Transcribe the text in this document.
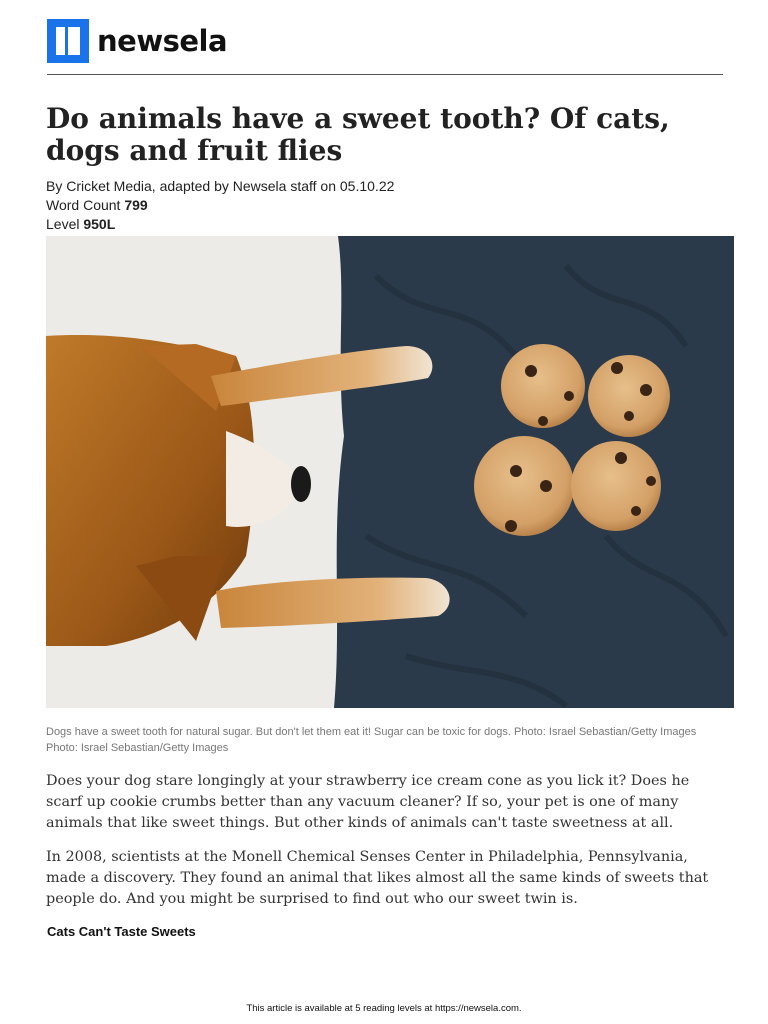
newsela
Do animals have a sweet tooth? Of cats, dogs and fruit flies
By Cricket Media, adapted by Newsela staff on 05.10.22
Word Count 799
Level 950L
Dogs have a sweet tooth for natural sugar. But don't let them eat it! Sugar can be toxic for dogs. Photo: Israel Sebastian/Getty Images
Photo: Israel Sebastian/Getty Images

Does your dog stare longingly at your strawberry ice cream cone as you lick it? Does he scarf up cookie crumbs better than any vacuum cleaner? If so, your pet is one of many animals that like sweet things. But other kinds of animals can't taste sweetness at all.

In 2008, scientists at the Monell Chemical Senses Center in Philadelphia, Pennsylvania, made a discovery. They found an animal that likes almost all the same kinds of sweets that people do. And you might be surprised to find out who our sweet twin is.

Cats Can't Taste Sweets
This article is available at 5 reading levels at https://newsela.com.
